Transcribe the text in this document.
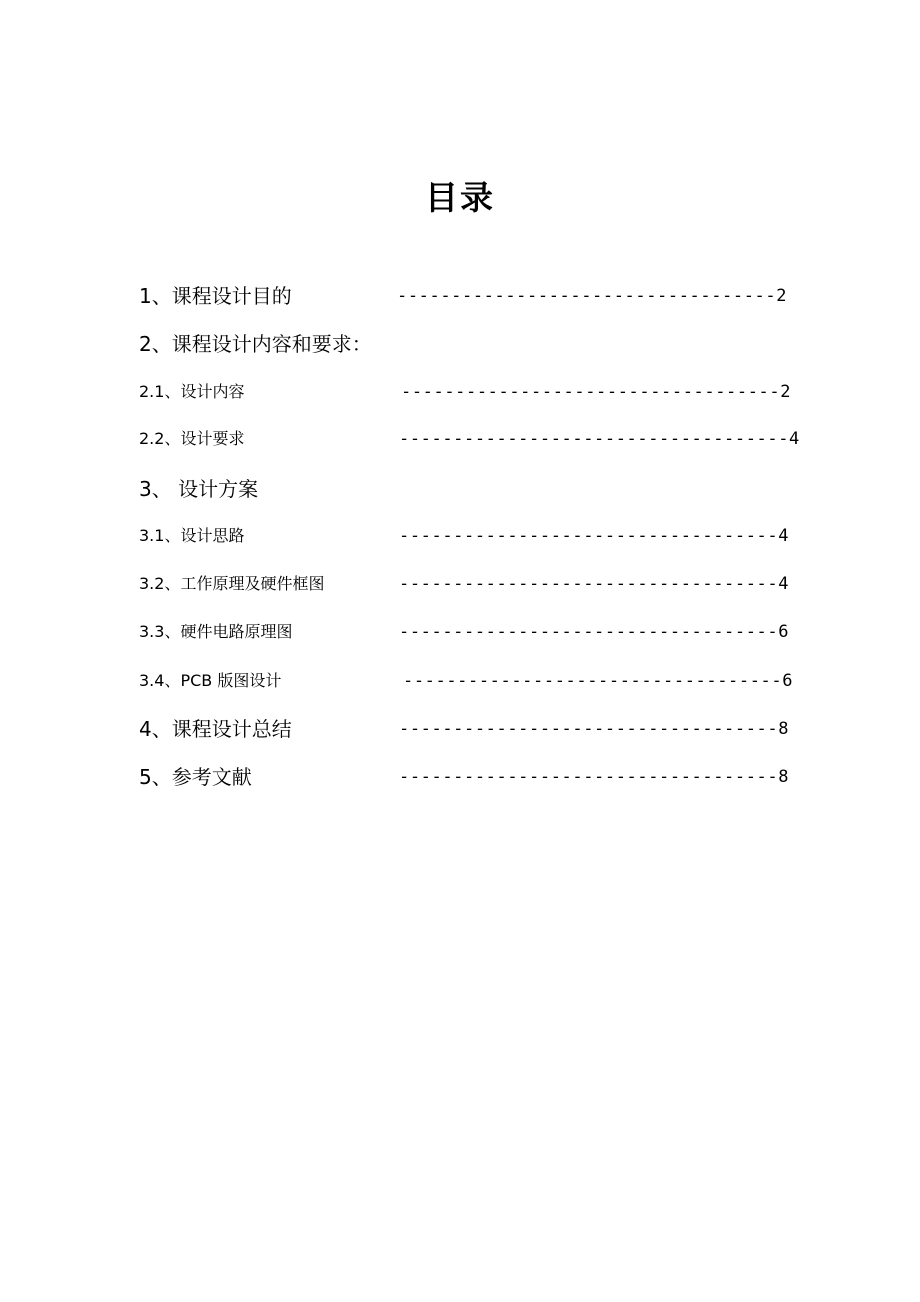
目录
1、课程设计目的	-----------------------------------2
2、课程设计内容和要求：
2.1、设计内容	-----------------------------------2
2.2、设计要求	------------------------------------4
3、 设计方案
3.1、设计思路	-----------------------------------4
3.2、工作原理及硬件框图	-----------------------------------4
3.3、硬件电路原理图	-----------------------------------6
3.4、PCB 版图设计	-----------------------------------6
4、课程设计总结	-----------------------------------8
5、参考文献	-----------------------------------8
